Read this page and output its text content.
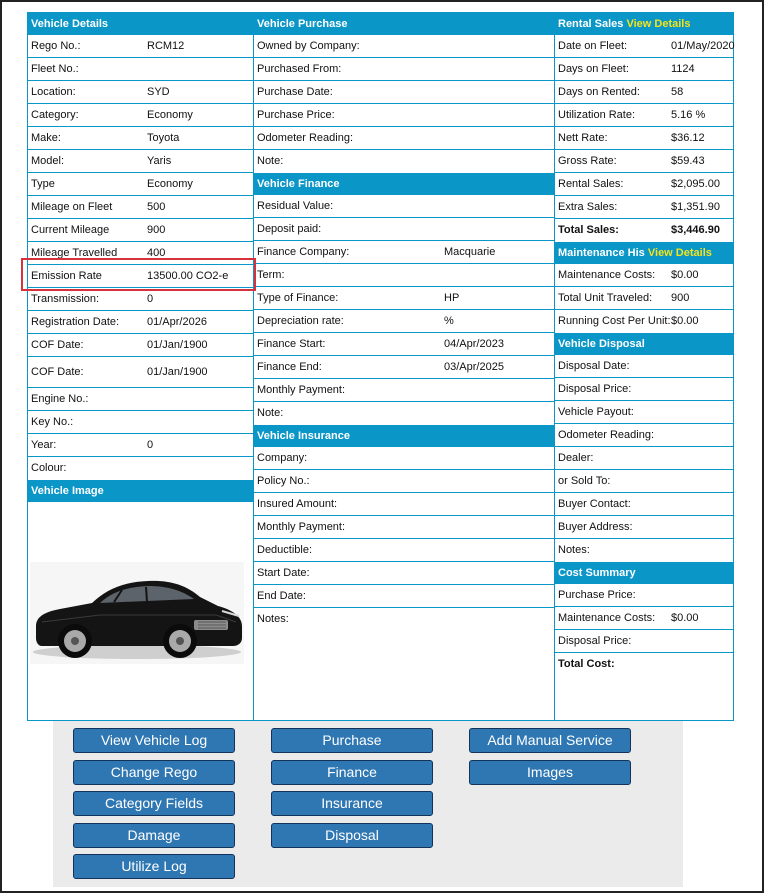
Vehicle Details
Rego No.:	RCM12
Fleet No.:
Location:	SYD
Category:	Economy
Make:	Toyota
Model:	Yaris
Type	Economy
Mileage on Fleet	500
Current Mileage	900
Mileage Travelled	400
Emission Rate	13500.00 CO2-e
Transmission:	0
Registration Date:	01/Apr/2026
COF Date:	01/Jan/1900
COF Date:	01/Jan/1900
Engine No.:
Key No.:
Year:	0
Colour:
Vehicle Image
Vehicle Purchase
Owned by Company:
Purchased From:
Purchase Date:
Purchase Price:
Odometer Reading:
Note:
Vehicle Finance
Residual Value:
Deposit paid:
Finance Company:	Macquarie
Term:
Type of Finance:	HP
Depreciation rate:	%
Finance Start:	04/Apr/2023
Finance End:	03/Apr/2025
Monthly Payment:
Note:
Vehicle Insurance
Company:
Policy No.:
Insured Amount:
Monthly Payment:
Deductible:
Start Date:
End Date:
Notes:
Rental Sales View Details
Date on Fleet:	01/May/2020
Days on Fleet:	1124
Days on Rented:	58
Utilization Rate:	5.16 %
Nett Rate:	$36.12
Gross Rate:	$59.43
Rental Sales:	$2,095.00
Extra Sales:	$1,351.90
Total Sales:	$3,446.90
Maintenance His View Details
Maintenance Costs: $0.00
Total Unit Traveled: 900
Running Cost Per Unit: $0.00
Vehicle Disposal
Disposal Date:
Disposal Price:
Vehicle Payout:
Odometer Reading:
Dealer:
or Sold To:
Buyer Contact:
Buyer Address:
Notes:
Cost Summary
Purchase Price:
Maintenance Costs: $0.00
Disposal Price:
Total Cost:
View Vehicle Log
Change Rego
Category Fields
Damage
Utilize Log
Purchase
Finance
Insurance
Disposal
Add Manual Service
Images
